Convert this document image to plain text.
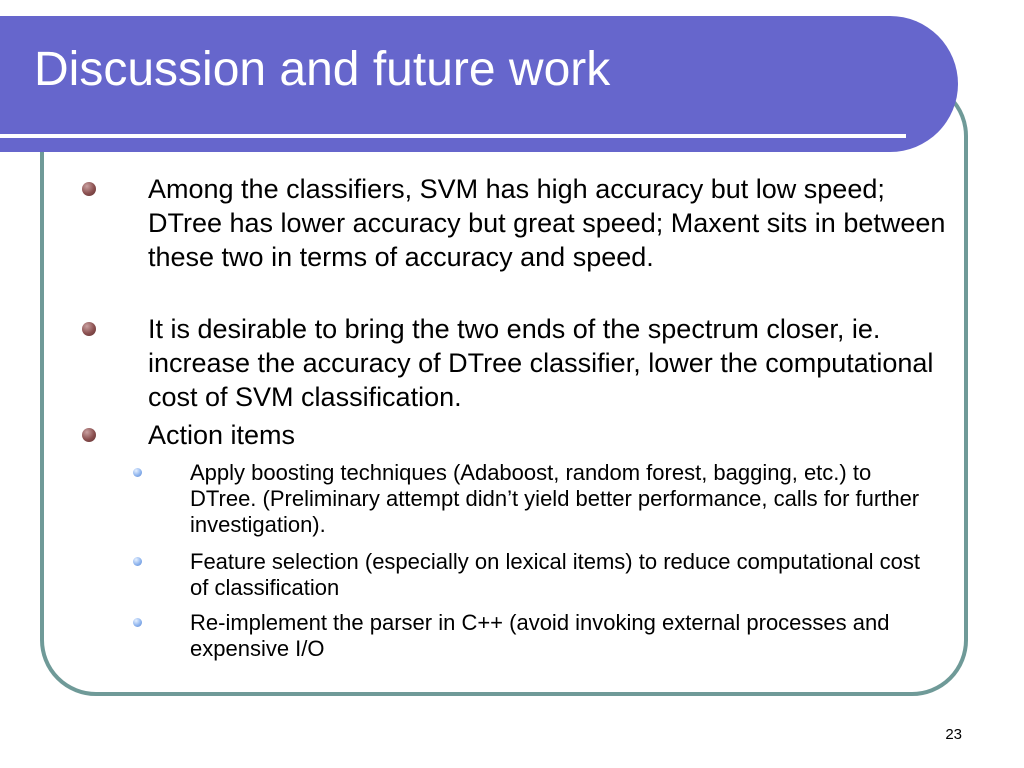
Discussion and future work
Among the classifiers, SVM has high accuracy but low speed; DTree has lower accuracy but great speed; Maxent sits in between these two in terms of accuracy and speed.
It is desirable to bring the two ends of the spectrum closer, ie. increase the accuracy of DTree classifier, lower the computational cost of SVM classification.
Action items
Apply boosting techniques (Adaboost, random forest, bagging, etc.) to DTree. (Preliminary attempt didn’t yield better performance, calls for further investigation).
Feature selection (especially on lexical items) to reduce computational cost of classification
Re-implement the parser in C++ (avoid invoking external processes and expensive I/O
23
